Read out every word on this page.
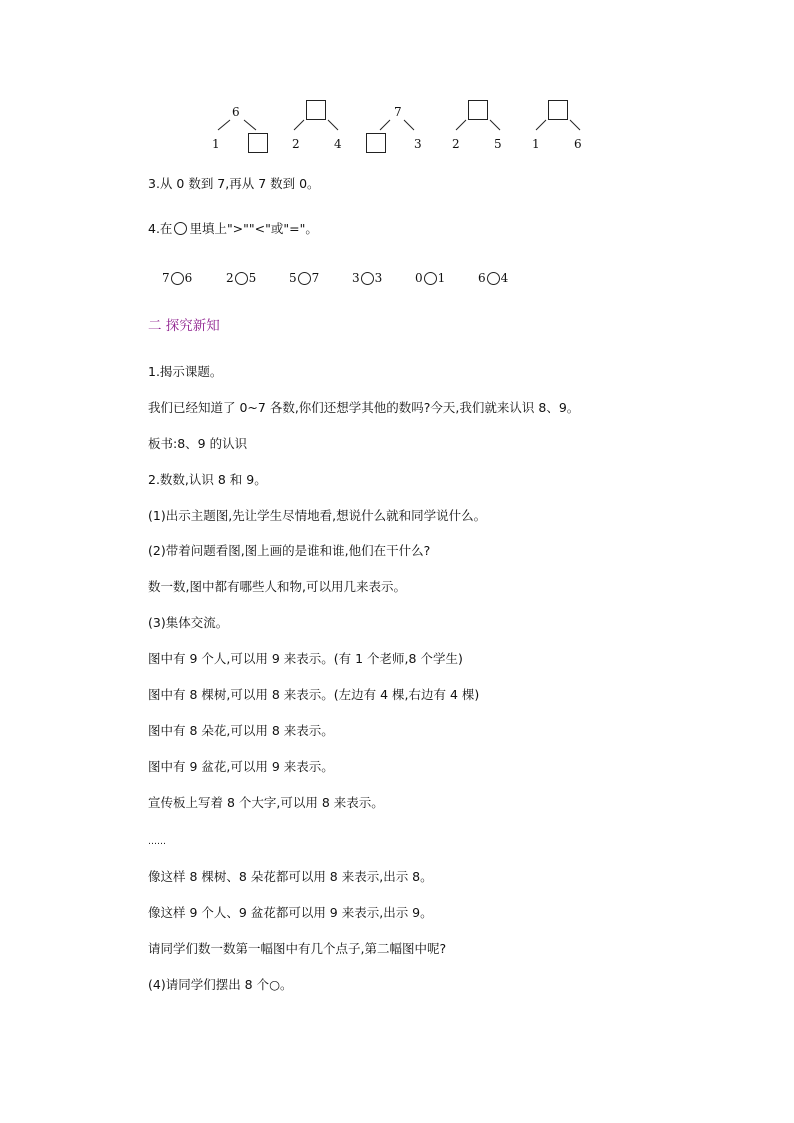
6
1	2	4
7
3	2	5	1	6
3.从 0 数到 7,再从 7 数到 0。
4.在 里填上">""<"或"="。
7 6	2 5	5 7	3 3	0 1	6 4
二 探究新知
1.揭示课题。
我们已经知道了 0~7 各数,你们还想学其他的数吗?今天,我们就来认识 8、9。
板书:8、9 的认识
2.数数,认识 8 和 9。
(1)出示主题图,先让学生尽情地看,想说什么就和同学说什么。
(2)带着问题看图,图上画的是谁和谁,他们在干什么?
数一数,图中都有哪些人和物,可以用几来表示。
(3)集体交流。
图中有 9 个人,可以用 9 来表示。(有 1 个老师,8 个学生)
图中有 8 棵树,可以用 8 来表示。(左边有 4 棵,右边有 4 棵)
图中有 8 朵花,可以用 8 来表示。
图中有 9 盆花,可以用 9 来表示。
宣传板上写着 8 个大字,可以用 8 来表示。
……
像这样 8 棵树、8 朵花都可以用 8 来表示,出示 8。
像这样 9 个人、9 盆花都可以用 9 来表示,出示 9。
请同学们数一数第一幅图中有几个点子,第二幅图中呢?
(4)请同学们摆出 8 个○。
